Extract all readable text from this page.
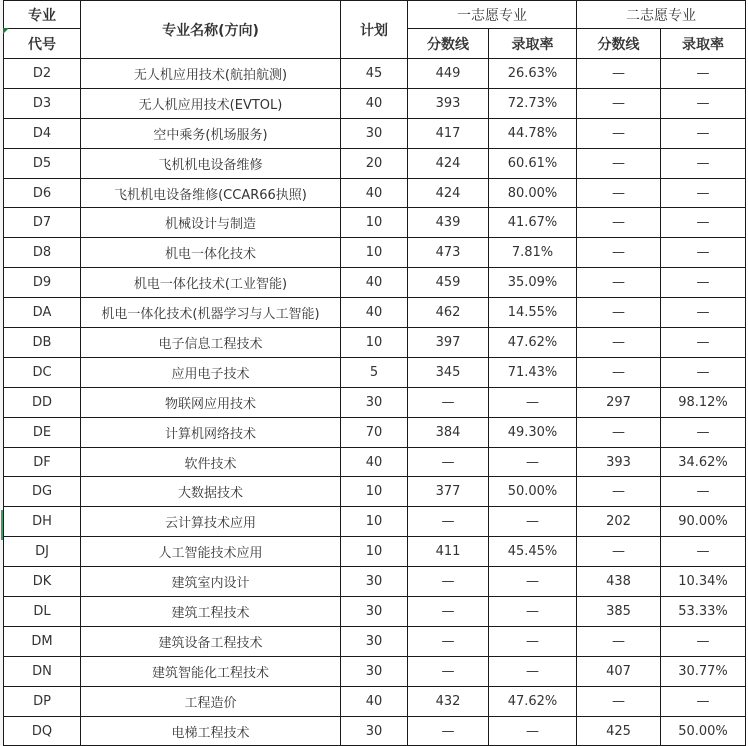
专业	专业名称(方向)	计划	一志愿专业		二志愿专业	
代号			分数线	录取率	分数线	录取率
D2	无人机应用技术(航拍航测)	45	449	26.63%	—	—
D3	无人机应用技术(EVTOL)	40	393	72.73%	—	—
D4	空中乘务(机场服务)	30	417	44.78%	—	—
D5	飞机机电设备维修	20	424	60.61%	—	—
D6	飞机机电设备维修(CCAR66执照)	40	424	80.00%	—	—
D7	机械设计与制造	10	439	41.67%	—	—
D8	机电一体化技术	10	473	7.81%	—	—
D9	机电一体化技术(工业智能)	40	459	35.09%	—	—
DA	机电一体化技术(机器学习与人工智能)	40	462	14.55%	—	—
DB	电子信息工程技术	10	397	47.62%	—	—
DC	应用电子技术	5	345	71.43%	—	—
DD	物联网应用技术	30	—	—	297	98.12%
DE	计算机网络技术	70	384	49.30%	—	—
DF	软件技术	40	—	—	393	34.62%
DG	大数据技术	10	377	50.00%	—	—
DH	云计算技术应用	10	—	—	202	90.00%
DJ	人工智能技术应用	10	411	45.45%	—	—
DK	建筑室内设计	30	—	—	438	10.34%
DL	建筑工程技术	30	—	—	385	53.33%
DM	建筑设备工程技术	30	—	—	—	—
DN	建筑智能化工程技术	30	—	—	407	30.77%
DP	工程造价	40	432	47.62%	—	—
DQ	电梯工程技术	30	—	—	425	50.00%
